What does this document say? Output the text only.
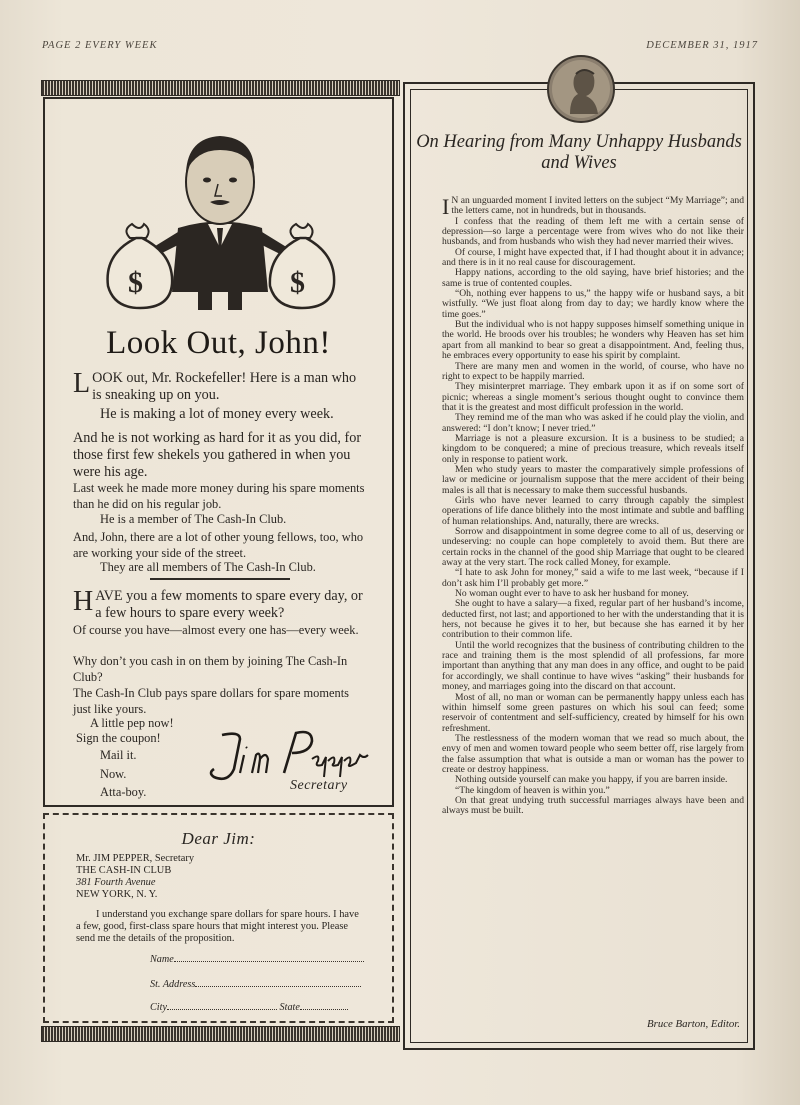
PAGE 2 EVERY WEEK	DECEMBER 31, 1917
$	$
Look Out, John!
LOOK out, Mr. Rockefeller! Here is a man who is sneaking up on you.
He is making a lot of money every week.
And he is not working as hard for it as you did, for those first few shekels you gathered in when you were his age.
Last week he made more money during his spare moments than he did on his regular job.
He is a member of The Cash-In Club.
And, John, there are a lot of other young fellows, too, who are working your side of the street.
They are all members of The Cash-In Club.
HAVE you a few moments to spare every day, or a few hours to spare every week?
Of course you have—almost every one has—every week.
Why don’t you cash in on them by joining The Cash-In Club?
The Cash-In Club pays spare dollars for spare moments just like yours.
A little pep now!
Sign the coupon!
Mail it.
Now.
Atta-boy.	Secretary
Dear Jim:
Mr. JIM PEPPER, Secretary
THE CASH-IN CLUB
381 Fourth Avenue
NEW YORK, N. Y.
I understand you exchange spare dollars for spare hours. I have a few, good, first-class spare hours that might interest you. Please send me the details of the proposition.
Name
St. Address
City	State
On Hearing from Many Unhappy Husbands and Wives

I N an unguarded moment I invited letters on the subject “My Marriage”; and the letters came, not in hundreds, but in thousands.

I confess that the reading of them left me with a certain sense of depression—so large a percentage were from wives who do not like their husbands, and from husbands who wish they had never married their wives.

Of course, I might have expected that, if I had thought about it in advance; and there is in it no real cause for discouragement.

Happy nations, according to the old saying, have brief histories; and the same is true of contented couples.

“Oh, nothing ever happens to us,” the happy wife or husband says, a bit wistfully. “We just float along from day to day; we hardly know where the time goes.”

But the individual who is not happy supposes himself something unique in the world. He broods over his troubles; he wonders why Heaven has set him apart from all mankind to bear so great a disappointment. And, feeling thus, he embraces every opportunity to ease his spirit by complaint.

There are many men and women in the world, of course, who have no right to expect to be happily married.

They misinterpret marriage. They embark upon it as if on some sort of picnic; whereas a single moment’s serious thought ought to convince them that it is the greatest and most difficult profession in the world.

They remind me of the man who was asked if he could play the violin, and answered: “I don’t know; I never tried.”

Marriage is not a pleasure excursion. It is a business to be studied; a kingdom to be conquered; a mine of precious treasure, which reveals itself only in response to patient work.

Men who study years to master the comparatively simple professions of law or medicine or journalism suppose that the mere accident of their being males is all that is necessary to make them successful husbands.

Girls who have never learned to carry through capably the simplest operations of life dance blithely into the most intimate and subtle and baffling of human relationships. And, naturally, there are wrecks.

Sorrow and disappointment in some degree come to all of us, deserving or undeserving: no couple can hope completely to avoid them. But there are certain rocks in the channel of the good ship Marriage that ought to be cleared away at the very start. The rock called Money, for example.

“I hate to ask John for money,” said a wife to me last week, “because if I don’t ask him I’ll probably get more.”

No woman ought ever to have to ask her husband for money.

She ought to have a salary—a fixed, regular part of her husband’s income, deducted first, not last; and apportioned to her with the understanding that it is hers, not because he gives it to her, but because she has earned it by her contribution to their common life.

Until the world recognizes that the business of contributing children to the race and training them is the most splendid of all professions, far more important than anything that any man does in any office, and ought to be paid for accordingly, we shall continue to have wives “asking” their husbands for money, and marriages going into the discard on that account.

Most of all, no man or woman can be permanently happy unless each has within himself some green pastures on which his soul can feed; some reservoir of contentment and self-sufficiency, created by himself for his own refreshment.

The restlessness of the modern woman that we read so much about, the envy of men and women toward people who seem better off, rise largely from the false assumption that what is outside a man or woman has the power to create or destroy happiness.

Nothing outside yourself can make you happy, if you are barren inside.

“The kingdom of heaven is within you.”

On that great undying truth successful marriages always have been and always must be built.

Bruce Barton, Editor.
